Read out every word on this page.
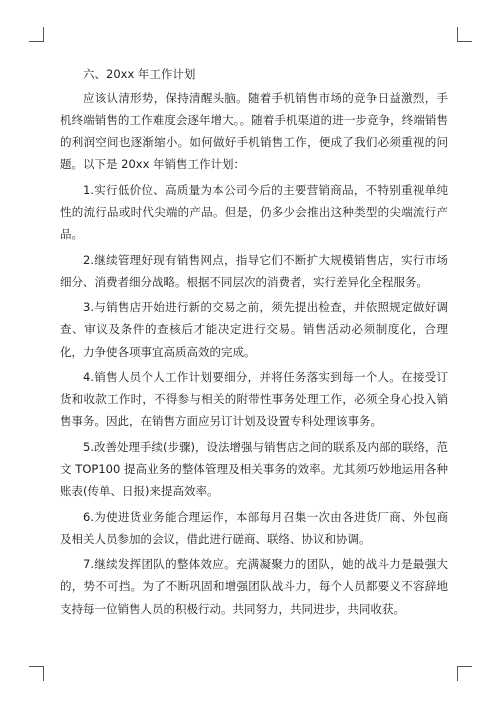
六、20xx 年工作计划

应该认清形势，保持清醒头脑。随着手机销售市场的竞争日益激烈，手机终端销售的工作难度会逐年增大。。随着手机渠道的进一步竞争，终端销售的利润空间也逐渐缩小。如何做好手机销售工作，便成了我们必须重视的问题。以下是 20xx 年销售工作计划：

1.实行低价位、高质量为本公司今后的主要营销商品，不特别重视单纯性的流行品或时代尖端的产品。但是，仍多少会推出这种类型的尖端流行产品。

2.继续管理好现有销售网点，指导它们不断扩大规模销售店，实行市场细分、消费者细分战略。根据不同层次的消费者，实行差异化全程服务。

3.与销售店开始进行新的交易之前，须先提出检查，并依照规定做好调查、审议及条件的查核后才能决定进行交易。销售活动必须制度化，合理化，力争使各项事宜高质高效的完成。

4.销售人员个人工作计划要细分，并将任务落实到每一个人。在接受订货和收款工作时，不得参与相关的附带性事务处理工作，必须全身心投入销售事务。因此，在销售方面应另订计划及设置专科处理该事务。

5.改善处理手续(步骤)，设法增强与销售店之间的联系及内部的联络，范文 TOP100 提高业务的整体管理及相关事务的效率。尤其须巧妙地运用各种账表(传单、日报)来提高效率。

6.为使进货业务能合理运作，本部每月召集一次由各进货厂商、外包商及相关人员参加的会议，借此进行磋商、联络、协议和协调。

7.继续发挥团队的整体效应。充满凝聚力的团队，她的战斗力是最强大的，势不可挡。为了不断巩固和增强团队战斗力，每个人员都要义不容辞地支持每一位销售人员的积极行动。共同努力，共同进步，共同收获。
